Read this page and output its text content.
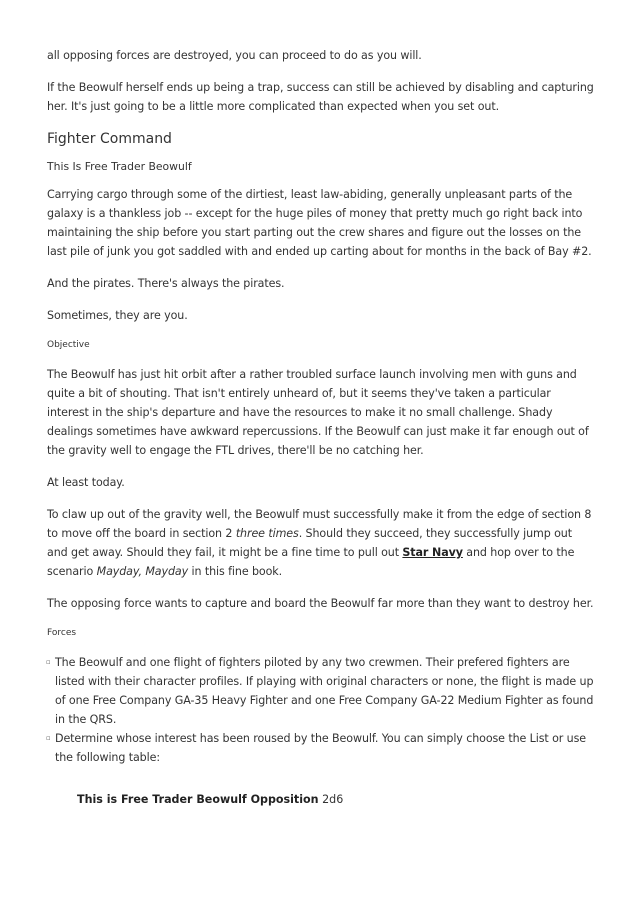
all opposing forces are destroyed, you can proceed to do as you will.

If the Beowulf herself ends up being a trap, success can still be achieved by disabling and capturing her. It's just going to be a little more complicated than expected when you set out.

Fighter Command
This Is Free Trader Beowulf

Carrying cargo through some of the dirtiest, least law-abiding, generally unpleasant parts of the galaxy is a thankless job -- except for the huge piles of money that pretty much go right back into maintaining the ship before you start parting out the crew shares and figure out the losses on the last pile of junk you got saddled with and ended up carting about for months in the back of Bay #2.

And the pirates. There's always the pirates.

Sometimes, they are you.

Objective

The Beowulf has just hit orbit after a rather troubled surface launch involving men with guns and quite a bit of shouting. That isn't entirely unheard of, but it seems they've taken a particular interest in the ship's departure and have the resources to make it no small challenge. Shady dealings sometimes have awkward repercussions. If the Beowulf can just make it far enough out of the gravity well to engage the FTL drives, there'll be no catching her.

At least today.

To claw up out of the gravity well, the Beowulf must successfully make it from the edge of section 8 to move off the board in section 2 three times. Should they succeed, they successfully jump out and get away. Should they fail, it might be a fine time to pull out Star Navy and hop over to the scenario Mayday, Mayday in this fine book.

The opposing force wants to capture and board the Beowulf far more than they want to destroy her.

Forces
▫ The Beowulf and one flight of fighters piloted by any two crewmen. Their prefered fighters are listed with their character profiles. If playing with original characters or none, the flight is made up of one Free Company GA-35 Heavy Fighter and one Free Company GA-22 Medium Fighter as found in the QRS.
▫ Determine whose interest has been roused by the Beowulf. You can simply choose the List or use the following table:
This is Free Trader Beowulf Opposition 2d6
